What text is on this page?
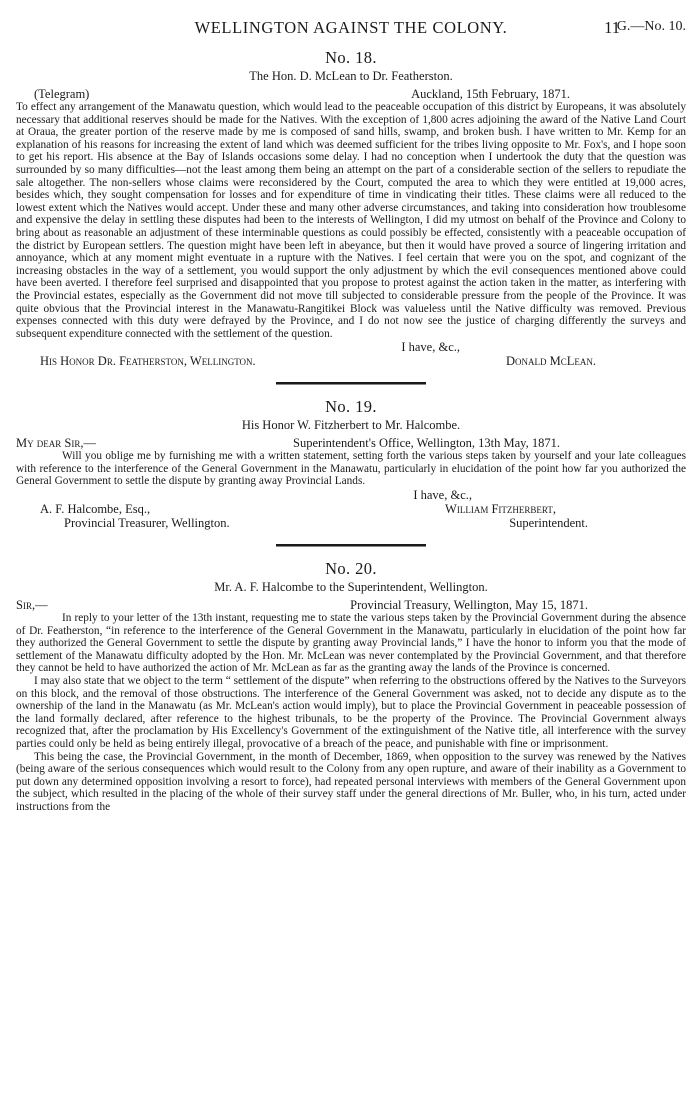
WELLINGTON AGAINST THE COLONY.	11
G.—No. 10.
No. 18.
The Hon. D. McLean to Dr. Featherston.
(Telegram)	Auckland, 15th February, 1871.

To effect any arrangement of the Manawatu question, which would lead to the peaceable occupation of this district by Europeans, it was absolutely necessary that additional reserves should be made for the Natives. With the exception of 1,800 acres adjoining the award of the Native Land Court at Oraua, the greater portion of the reserve made by me is composed of sand hills, swamp, and broken bush. I have written to Mr. Kemp for an explanation of his reasons for increasing the extent of land which was deemed sufficient for the tribes living opposite to Mr. Fox's, and I hope soon to get his report. His absence at the Bay of Islands occasions some delay. I had no conception when I undertook the duty that the question was surrounded by so many difficulties—not the least among them being an attempt on the part of a considerable section of the sellers to repudiate the sale altogether. The non-sellers whose claims were reconsidered by the Court, computed the area to which they were entitled at 19,000 acres, besides which, they sought compensation for losses and for expenditure of time in vindicating their titles. These claims were all reduced to the lowest extent which the Natives would accept. Under these and many other adverse circumstances, and taking into consideration how troublesome and expensive the delay in settling these disputes had been to the interests of Wellington, I did my utmost on behalf of the Province and Colony to bring about as reasonable an adjustment of these interminable questions as could possibly be effected, consistently with a peaceable occupation of the district by European settlers. The question might have been left in abeyance, but then it would have proved a source of lingering irritation and annoyance, which at any moment might eventuate in a rupture with the Natives. I feel certain that were you on the spot, and cognizant of the increasing obstacles in the way of a settlement, you would support the only adjustment by which the evil consequences mentioned above could have been averted. I therefore feel surprised and disappointed that you propose to protest against the action taken in the matter, as interfering with the Provincial estates, especially as the Government did not move till subjected to considerable pressure from the people of the Province. It was quite obvious that the Provincial interest in the Manawatu-Rangitikei Block was valueless until the Native difficulty was removed. Previous expenses connected with this duty were defrayed by the Province, and I do not now see the justice of charging differently the surveys and subsequent expenditure connected with the settlement of the question.

I have, &c.,
His Honor Dr. Featherston, Wellington.	Donald McLean.
No. 19.
His Honor W. Fitzherbert to Mr. Halcombe.
My dear Sir,—	Superintendent's Office, Wellington, 13th May, 1871.

Will you oblige me by furnishing me with a written statement, setting forth the various steps taken by yourself and your late colleagues with reference to the interference of the General Government in the Manawatu, particularly in elucidation of the point how far you authorized the General Government to settle the dispute by granting away Provincial Lands.

I have, &c.,
A. F. Halcombe, Esq.,	William Fitzherbert,
Provincial Treasurer, Wellington.	Superintendent.
No. 20.
Mr. A. F. Halcombe to the Superintendent, Wellington.
Sir,—	Provincial Treasury, Wellington, May 15, 1871.

In reply to your letter of the 13th instant, requesting me to state the various steps taken by the Provincial Government during the absence of Dr. Featherston, “in reference to the interference of the General Government in the Manawatu, particularly in elucidation of the point how far they authorized the General Government to settle the dispute by granting away Provincial lands,” I have the honor to inform you that the mode of settlement of the Manawatu difficulty adopted by the Hon. Mr. McLean was never contemplated by the Provincial Government, and that therefore they cannot be held to have authorized the action of Mr. McLean as far as the granting away the lands of the Province is concerned.

I may also state that we object to the term “ settlement of the dispute” when referring to the obstructions offered by the Natives to the Surveyors on this block, and the removal of those obstructions. The interference of the General Government was asked, not to decide any dispute as to the ownership of the land in the Manawatu (as Mr. McLean's action would imply), but to place the Provincial Government in peaceable possession of the land formally declared, after reference to the highest tribunals, to be the property of the Province. The Provincial Government always recognized that, after the proclamation by His Excellency's Government of the extinguishment of the Native title, all interference with the survey parties could only be held as being entirely illegal, provocative of a breach of the peace, and punishable with fine or imprisonment.

This being the case, the Provincial Government, in the month of December, 1869, when opposition to the survey was renewed by the Natives (being aware of the serious consequences which would result to the Colony from any open rupture, and aware of their inability as a Government to put down any determined opposition involving a resort to force), had repeated personal interviews with members of the General Government upon the subject, which resulted in the placing of the whole of their survey staff under the general directions of Mr. Buller, who, in his turn, acted under instructions from the
